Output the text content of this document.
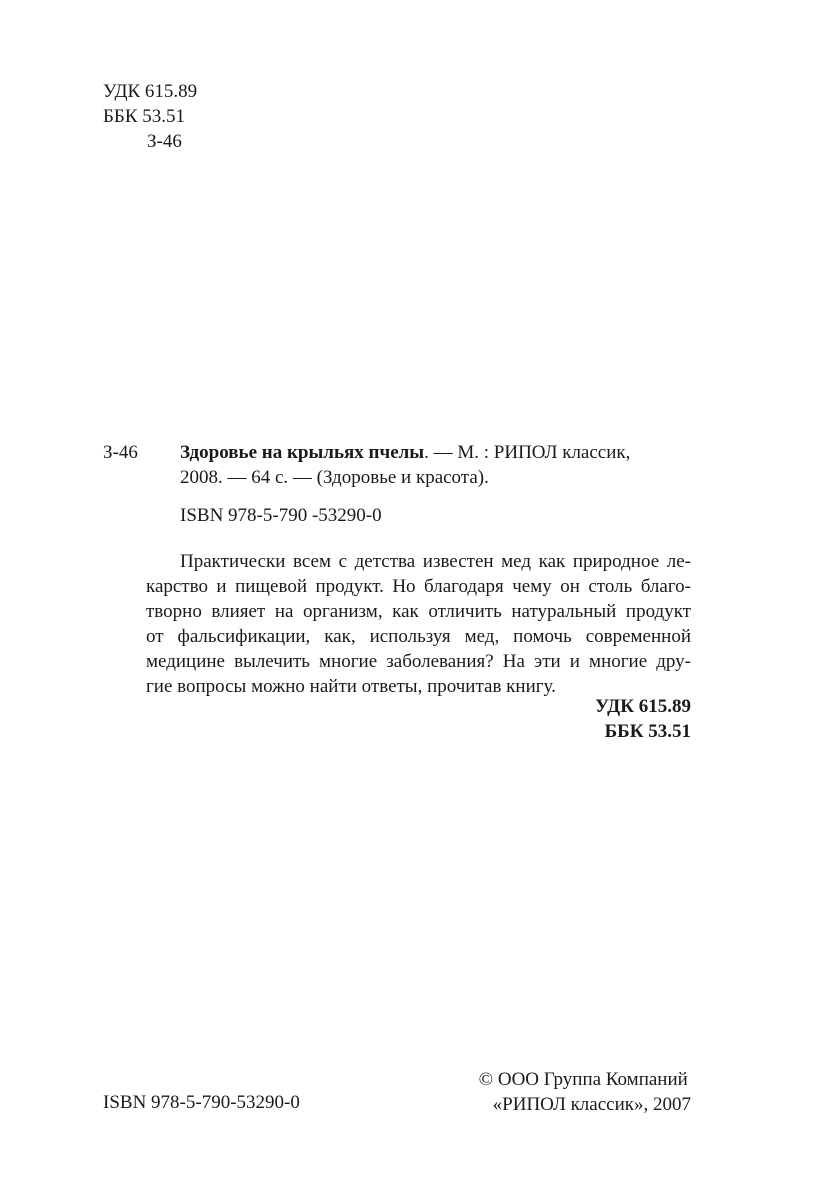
УДК 615.89
ББК 53.51
З-46
З-46 Здоровье на крыльях пчелы. — М. : РИПОЛ классик,
2008. — 64 с. — (Здоровье и красота).
ISBN 978-5-790 -53290-0
Практически всем с детства известен мед как природное ле-
карство и пищевой продукт. Но благодаря чему он столь благо-
творно влияет на организм, как отличить натуральный продукт
от фальсификации, как, используя мед, помочь современной
медицине вылечить многие заболевания? На эти и многие дру-
гие вопросы можно найти ответы, прочитав книгу.
УДК 615.89
ББК 53.51
ISBN 978-5-790-53290-0
© ООО Группа Компаний
«РИПОЛ классик», 2007
